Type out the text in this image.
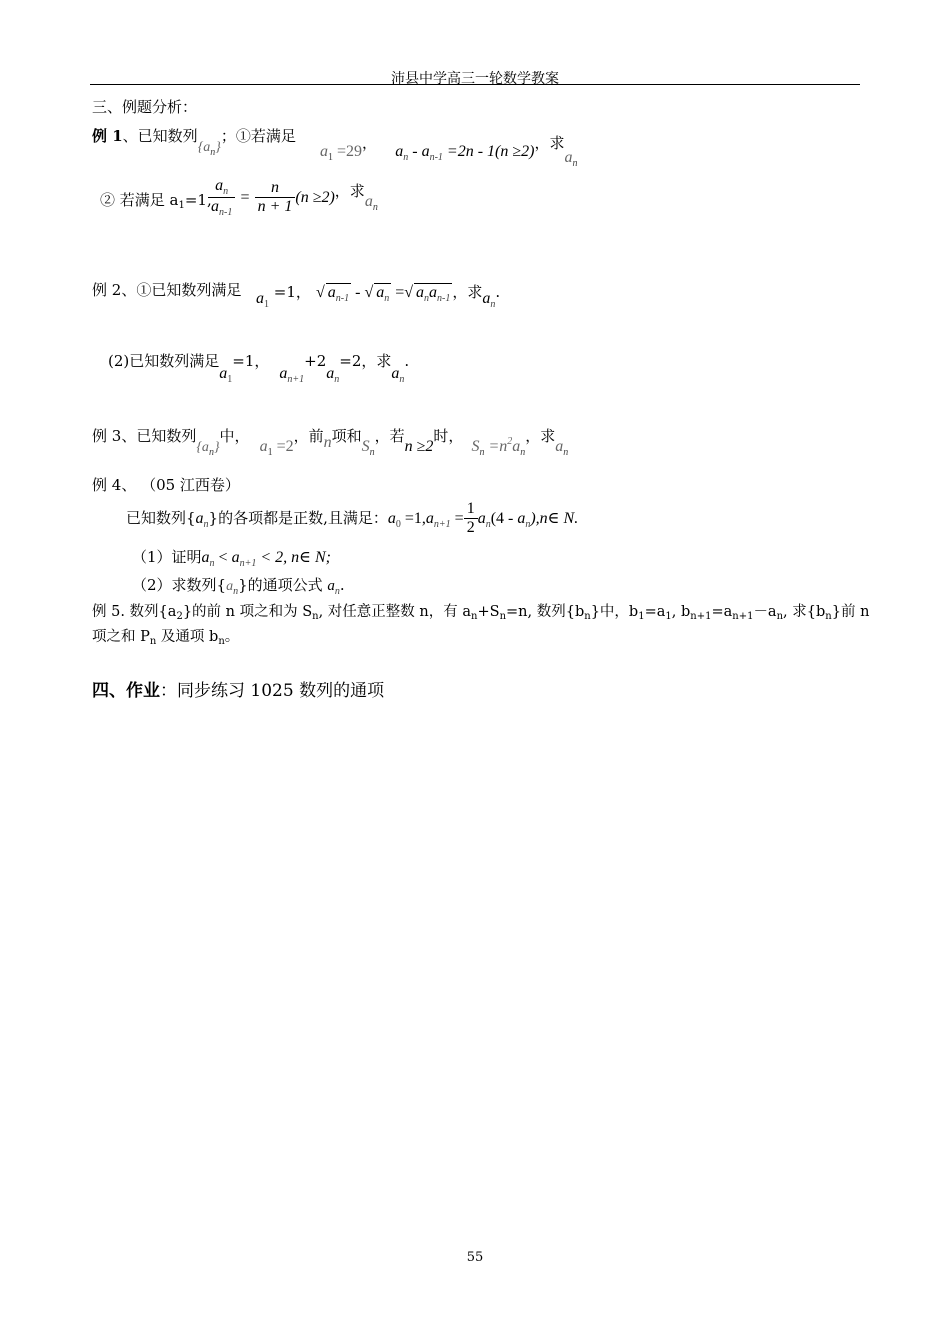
沛县中学高三一轮数学教案
三、例题分析：
例 1、已知数列$\{a_n\}$；①若满足
$a_1 =29$， $a_n - a_{n-1} =2n - 1(n \ge 2)$，求$a_n$
② 若满足 $a_1=1$,
$\frac{a_n}{a_{n-1}} = \frac{n}{n + 1} (n \ge 2)$，求$a_n$
例 2、①已知数列满足 $a_1 =1$， √ $a_{n-1}$ - √ $a_n$ =√ $a_na_{n-1}$ ，求$a_n$.
(2)已知数列满足$a_1=1$，$a_{n+1}+2a_n=2$，求$a_n$.
例 3、已知数列$\{a_n\}$中，$a_1 =2$，前n项和$S_n$，若n ≥2时，$S_n =n^2a_n$，求$a_n$
例 4、 （05 江西卷）
已知数列$\{a_n\}$的各项都是正数,且满足：$a_0 =1,a_{n+1} = \frac{1}{2} a_n(4$ - $a_n),n\in$ N.
（1）证明$a_n < a_{n+1} < 2$, n∈ N;
（2）求数列$\{a_n\}$的通项公式 $a_n$.
例 5. 数列$\{a_2\}$的前 n 项之和为 $S_n$, 对任意正整数 n，有 $a_n+S_n=n$, 数列$\{b_n\}$中，$b_1=a_1$, $b_{n+1}=a_{n+1}-a_n$, 求$\{b_n\}$前 n
项之和 $P_n$ 及通项 $b_n$。
四、作业：同步练习 1025 数列的通项
55
